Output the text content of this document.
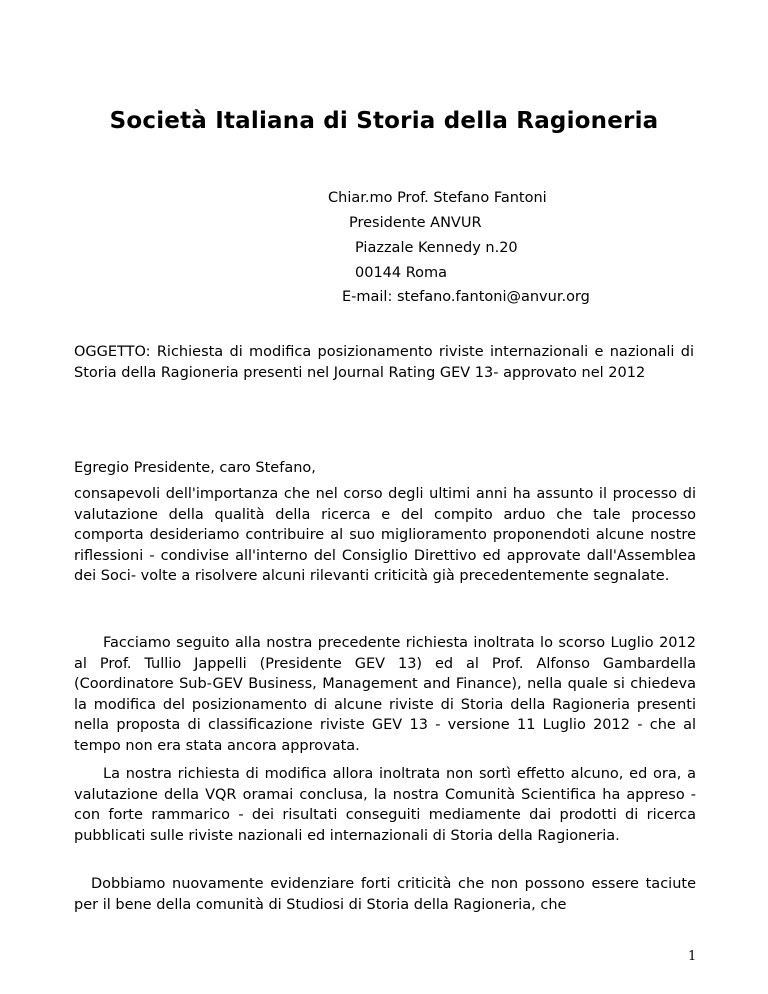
Società Italiana di Storia della Ragioneria
Chiar.mo Prof. Stefano Fantoni
Presidente ANVUR
Piazzale Kennedy n.20
00144 Roma
E-mail: stefano.fantoni@anvur.org
OGGETTO: Richiesta di modifica posizionamento riviste internazionali e nazionali di Storia della Ragioneria presenti nel Journal Rating GEV 13- approvato nel 2012
Egregio Presidente, caro Stefano,

consapevoli dell'importanza che nel corso degli ultimi anni ha assunto il processo di valutazione della qualità della ricerca e del compito arduo che tale processo comporta desideriamo contribuire al suo miglioramento proponendoti alcune nostre riflessioni - condivise all'interno del Consiglio Direttivo ed approvate dall'Assemblea dei Soci- volte a risolvere alcuni rilevanti criticità già precedentemente segnalate.

Facciamo seguito alla nostra precedente richiesta inoltrata lo scorso Luglio 2012 al Prof. Tullio Jappelli (Presidente GEV 13) ed al Prof. Alfonso Gambardella (Coordinatore Sub-GEV Business, Management and Finance), nella quale si chiedeva la modifica del posizionamento di alcune riviste di Storia della Ragioneria presenti nella proposta di classificazione riviste GEV 13 - versione 11 Luglio 2012 - che al tempo non era stata ancora approvata.

La nostra richiesta di modifica allora inoltrata non sortì effetto alcuno, ed ora, a valutazione della VQR oramai conclusa, la nostra Comunità Scientifica ha appreso - con forte rammarico - dei risultati conseguiti mediamente dai prodotti di ricerca pubblicati sulle riviste nazionali ed internazionali di Storia della Ragioneria.

Dobbiamo nuovamente evidenziare forti criticità che non possono essere taciute per il bene della comunità di Studiosi di Storia della Ragioneria, che

1
